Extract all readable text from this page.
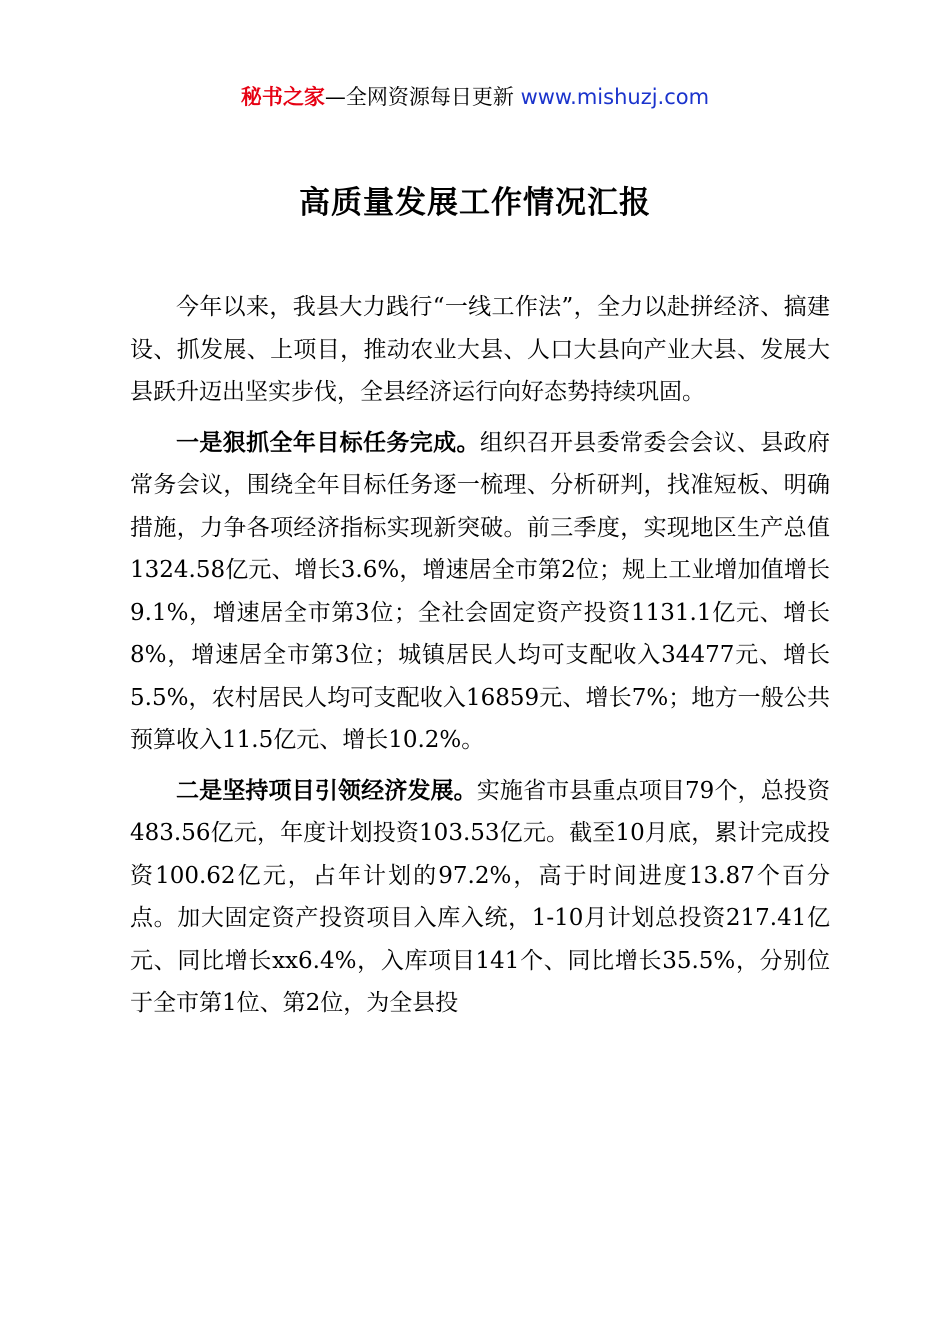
秘书之家—全网资源每日更新 www.mishuzj.com
高质量发展工作情况汇报

今年以来，我县大力践行“一线工作法”，全力以赴拼经济、搞建设、抓发展、上项目，推动农业大县、人口大县向产业大县、发展大县跃升迈出坚实步伐，全县经济运行向好态势持续巩固。

一是狠抓全年目标任务完成。组织召开县委常委会会议、县政府常务会议，围绕全年目标任务逐一梳理、分析研判，找准短板、明确措施，力争各项经济指标实现新突破。前三季度，实现地区生产总值1324.58亿元、增长3.6%，增速居全市第2位；规上工业增加值增长9.1%，增速居全市第3位；全社会固定资产投资1131.1亿元、增长8%，增速居全市第3位；城镇居民人均可支配收入34477元、增长5.5%，农村居民人均可支配收入16859元、增长7%；地方一般公共预算收入11.5亿元、增长10.2%。

二是坚持项目引领经济发展。实施省市县重点项目79个，总投资483.56亿元，年度计划投资103.53亿元。截至10月底，累计完成投资100.62亿元，占年计划的97.2%，高于时间进度13.87个百分点。加大固定资产投资项目入库入统，1-10月计划总投资217.41亿元、同比增长xx6.4%，入库项目141个、同比增长35.5%，分别位于全市第1位、第2位，为全县投
